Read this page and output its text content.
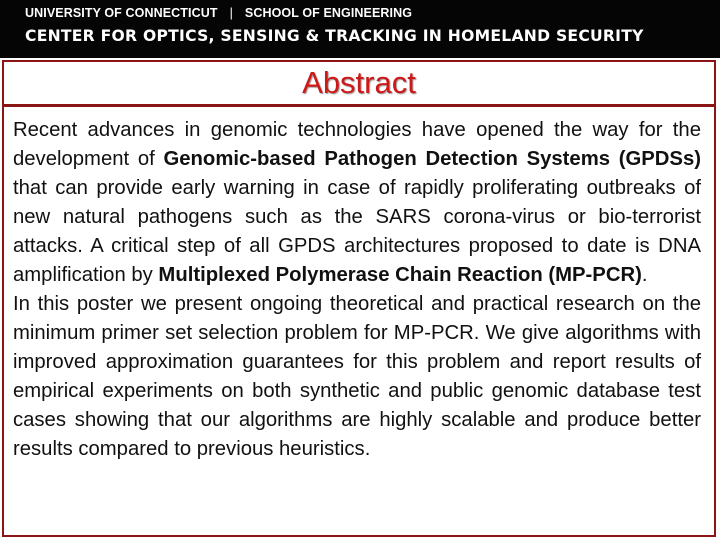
UNIVERSITY OF CONNECTICUT | SCHOOL OF ENGINEERING
CENTER FOR OPTICS, SENSING & TRACKING IN HOMELAND SECURITY
Abstract

Recent advances in genomic technologies have opened the way for the development of Genomic-based Pathogen Detection Systems (GPDSs) that can provide early warning in case of rapidly proliferating outbreaks of new natural pathogens such as the SARS corona-virus or bio-terrorist attacks. A critical step of all GPDS architectures proposed to date is DNA amplification by Multiplexed Polymerase Chain Reaction (MP-PCR).

In this poster we present ongoing theoretical and practical research on the minimum primer set selection problem for MP-PCR. We give algorithms with improved approximation guarantees for this problem and report results of empirical experiments on both synthetic and public genomic database test cases showing that our algorithms are highly scalable and produce better results compared to previous heuristics.
